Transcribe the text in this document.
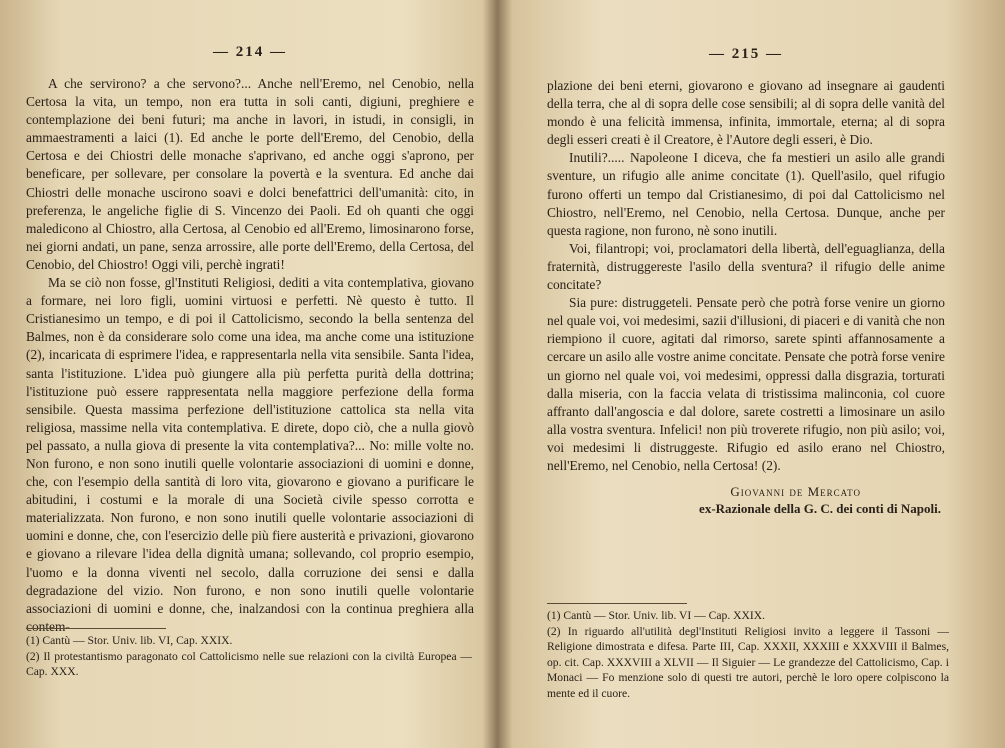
— 214 —

A che servirono? a che servono?... Anche nell'Eremo, nel Cenobio, nella Certosa la vita, un tempo, non era tutta in soli canti, digiuni, preghiere e contemplazione dei beni futuri; ma anche in lavori, in istudi, in consigli, in ammaestramenti a laici (1). Ed anche le porte dell'Eremo, del Cenobio, della Certosa e dei Chiostri delle monache s'aprivano, ed anche oggi s'aprono, per beneficare, per sollevare, per consolare la povertà e la sventura. Ed anche dai Chiostri delle monache uscirono soavi e dolci benefattrici dell'umanità: cito, in preferenza, le angeliche figlie di S. Vincenzo dei Paoli. Ed oh quanti che oggi maledicono al Chiostro, alla Certosa, al Cenobio ed all'Eremo, limosinarono forse, nei giorni andati, un pane, senza arrossire, alle porte dell'Eremo, della Certosa, del Cenobio, del Chiostro! Oggi vili, perchè ingrati!

Ma se ciò non fosse, gl'Instituti Religiosi, dediti a vita contemplativa, giovano a formare, nei loro figli, uomini virtuosi e perfetti. Nè questo è tutto. Il Cristianesimo un tempo, e di poi il Cattolicismo, secondo la bella sentenza del Balmes, non è da considerare solo come una idea, ma anche come una istituzione (2), incaricata di esprimere l'idea, e rappresentarla nella vita sensibile. Santa l'idea, santa l'istituzione. L'idea può giungere alla più perfetta purità della dottrina; l'istituzione può essere rappresentata nella maggiore perfezione della forma sensibile. Questa massima perfezione dell'istituzione cattolica sta nella vita religiosa, massime nella vita contemplativa. E direte, dopo ciò, che a nulla giovò pel passato, a nulla giova di presente la vita contemplativa?... No: mille volte no. Non furono, e non sono inutili quelle volontarie associazioni di uomini e donne, che, con l'esempio della santità di loro vita, giovarono e giovano a purificare le abitudini, i costumi e la morale di una Società civile spesso corrotta e materializzata. Non furono, e non sono inutili quelle volontarie associazioni di uomini e donne, che, con l'esercizio delle più fiere austerità e privazioni, giovarono e giovano a rilevare l'idea della dignità umana; sollevando, col proprio esempio, l'uomo e la donna viventi nel secolo, dalla corruzione dei sensi e dalla degradazione del vizio. Non furono, e non sono inutili quelle volontarie associazioni di uomini e donne, che, inalzandosi con la continua preghiera alla contem-

(1) Cantù — Stor. Univ. lib. VI, Cap. XXIX.

(2) Il protestantismo paragonato col Cattolicismo nelle sue relazioni con la civiltà Europea — Cap. XXX.

— 215 —

plazione dei beni eterni, giovarono e giovano ad insegnare ai gaudenti della terra, che al di sopra delle cose sensibili; al di sopra delle vanità del mondo è una felicità immensa, infinita, immortale, eterna; al di sopra degli esseri creati è il Creatore, è l'Autore degli esseri, è Dio.

Inutili?..... Napoleone I diceva, che fa mestieri un asilo alle grandi sventure, un rifugio alle anime concitate (1). Quell'asilo, quel rifugio furono offerti un tempo dal Cristianesimo, di poi dal Cattolicismo nel Chiostro, nell'Eremo, nel Cenobio, nella Certosa. Dunque, anche per questa ragione, non furono, nè sono inutili.

Voi, filantropi; voi, proclamatori della libertà, dell'eguaglianza, della fraternità, distruggereste l'asilo della sventura? il rifugio delle anime concitate?

Sia pure: distruggeteli. Pensate però che potrà forse venire un giorno nel quale voi, voi medesimi, sazii d'illusioni, di piaceri e di vanità che non riempiono il cuore, agitati dal rimorso, sarete spinti affannosamente a cercare un asilo alle vostre anime concitate. Pensate che potrà forse venire un giorno nel quale voi, voi medesimi, oppressi dalla disgrazia, torturati dalla miseria, con la faccia velata di tristissima malinconia, col cuore affranto dall'angoscia e dal dolore, sarete costretti a limosinare un asilo alla vostra sventura. Infelici! non più troverete rifugio, non più asilo; voi, voi medesimi li distruggeste. Rifugio ed asilo erano nel Chiostro, nell'Eremo, nel Cenobio, nella Certosa! (2).

Giovanni de Mercato
ex-Razionale della G. C. dei conti di Napoli.

(1) Cantù — Stor. Univ. lib. VI — Cap. XXIX.

(2) In riguardo all'utilità degl'Instituti Religiosi invito a leggere il Tassoni — Religione dimostrata e difesa. Parte III, Cap. XXXII, XXXIII e XXXVIII il Balmes, op. cit. Cap. XXXVIII a XLVII — Il Siguier — Le grandezze del Cattolicismo, Cap. i Monaci — Fo menzione solo di questi tre autori, perchè le loro opere colpiscono la mente ed il cuore.
